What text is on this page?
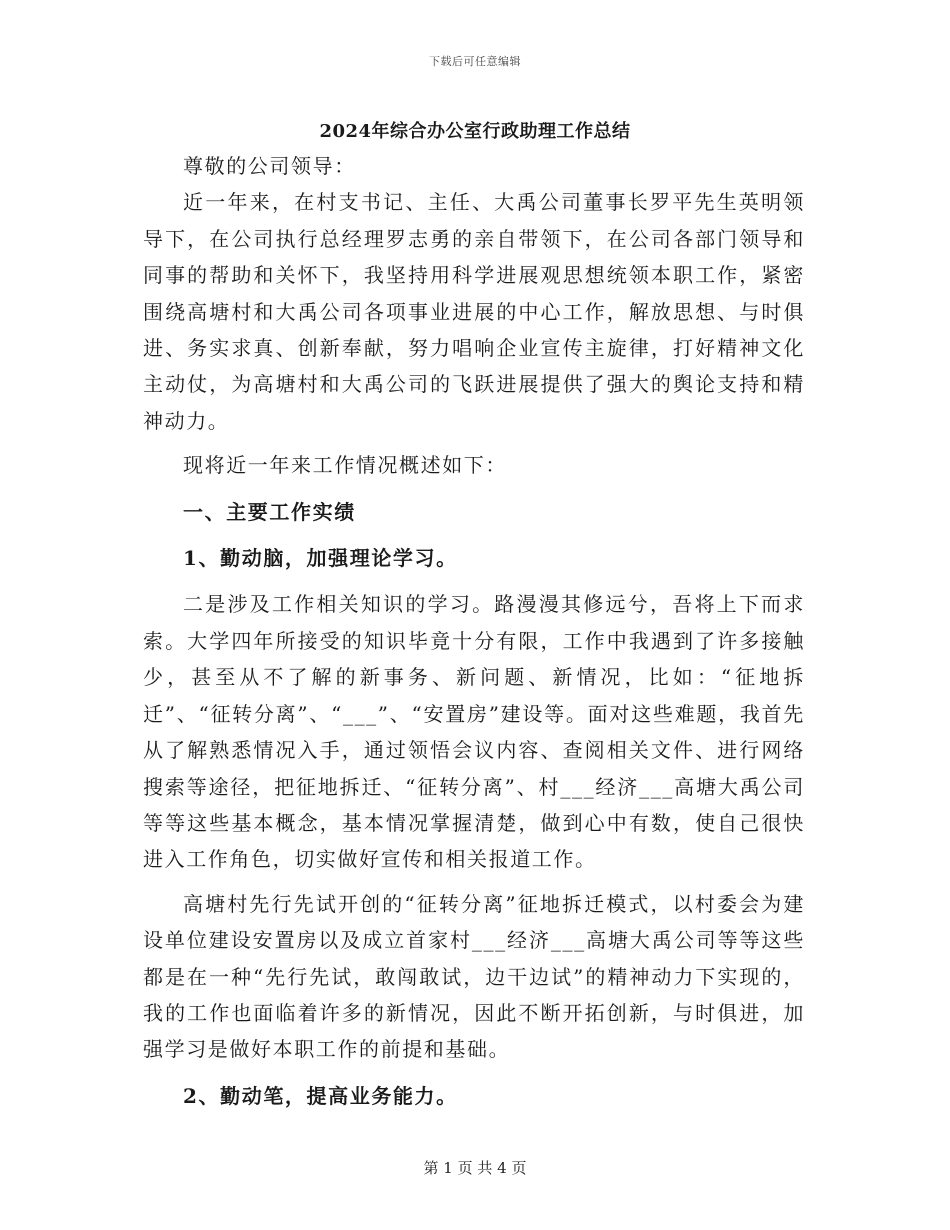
下载后可任意编辑
2024年综合办公室行政助理工作总结

尊敬的公司领导：

近一年来，在村支书记、主任、大禹公司董事长罗平先生英明领导下，在公司执行总经理罗志勇的亲自带领下，在公司各部门领导和同事的帮助和关怀下，我坚持用科学进展观思想统领本职工作，紧密围绕高塘村和大禹公司各项事业进展的中心工作，解放思想、与时俱进、务实求真、创新奉献，努力唱响企业宣传主旋律，打好精神文化主动仗，为高塘村和大禹公司的飞跃进展提供了强大的舆论支持和精神动力。

现将近一年来工作情况概述如下：

一、主要工作实绩

1、勤动脑，加强理论学习。

二是涉及工作相关知识的学习。路漫漫其修远兮，吾将上下而求索。大学四年所接受的知识毕竟十分有限，工作中我遇到了许多接触少，甚至从不了解的新事务、新问题、新情况，比如：“征地拆迁”、“征转分离”、“___”、“安置房”建设等。面对这些难题，我首先从了解熟悉情况入手，通过领悟会议内容、查阅相关文件、进行网络搜索等途径，把征地拆迁、“征转分离”、村___经济___高塘大禹公司等等这些基本概念，基本情况掌握清楚，做到心中有数，使自己很快进入工作角色，切实做好宣传和相关报道工作。

高塘村先行先试开创的“征转分离”征地拆迁模式，以村委会为建设单位建设安置房以及成立首家村___经济___高塘大禹公司等等这些都是在一种“先行先试，敢闯敢试，边干边试”的精神动力下实现的，我的工作也面临着许多的新情况，因此不断开拓创新，与时俱进，加强学习是做好本职工作的前提和基础。

2、勤动笔，提高业务能力。

第 1 页 共 4 页
